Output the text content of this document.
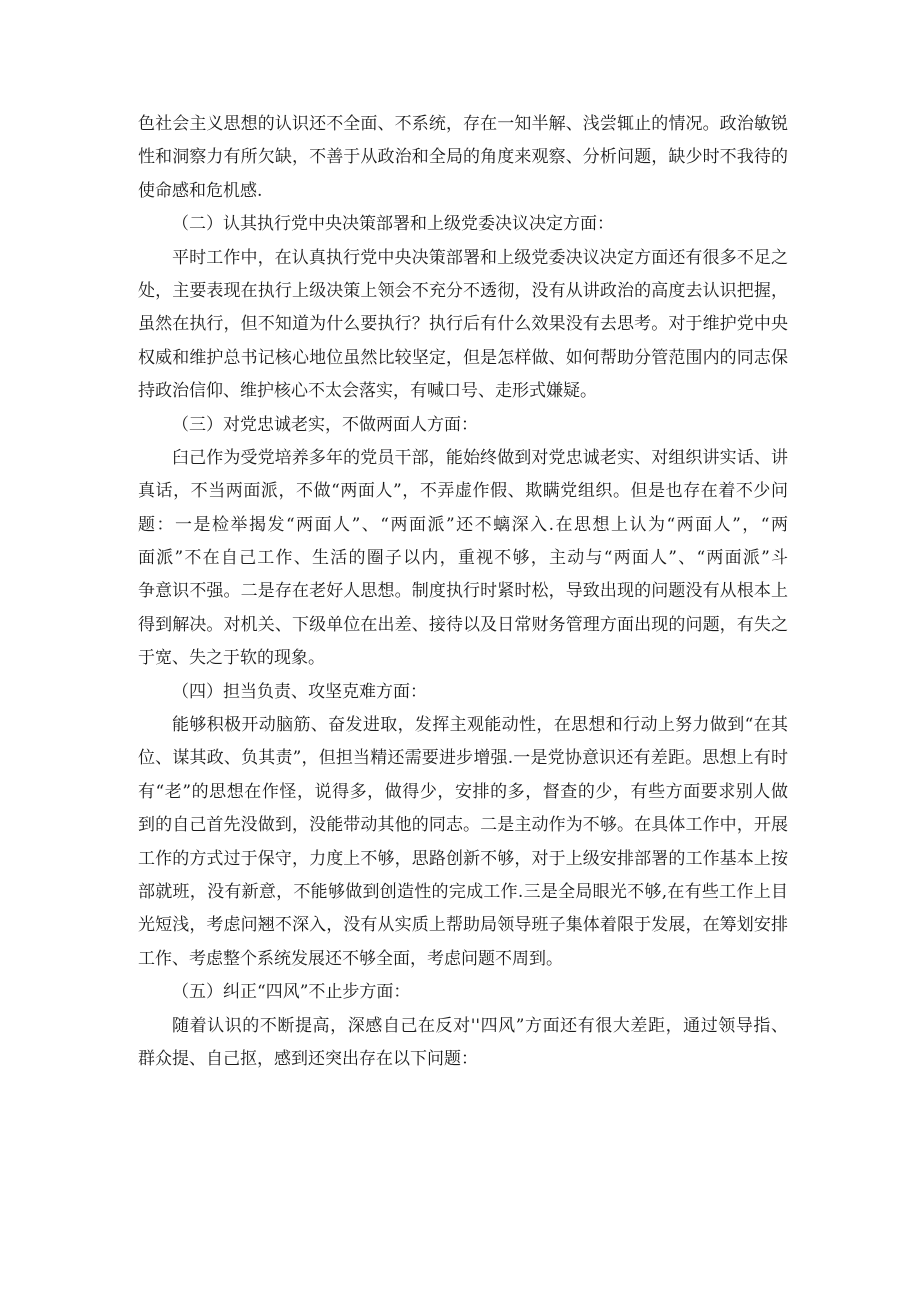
色社会主义思想的认识还不全面、不系统，存在一知半解、浅尝辄止的情况。政治敏锐
性和洞察力有所欠缺，不善于从政治和全局的角度来观察、分析问题，缺少时不我待的
使命感和危机感.
（二）认其执行党中央决策部署和上级党委决议决定方面：
平时工作中，在认真执行党中央决策部署和上级党委决议决定方面还有很多不足之
处，主要表现在执行上级决策上领会不充分不透彻，没有从讲政治的高度去认识把握，
虽然在执行，但不知道为什么要执行？执行后有什么效果没有去思考。对于维护党中央
权威和维护总书记核心地位虽然比较坚定，但是怎样做、如何帮助分管范围内的同志保
持政治信仰、维护核心不太会落实，有喊口号、走形式嫌疑。
（三）对党忠诚老实，不做两面人方面：
臼己作为受党培养多年的党员干部，能始终做到对党忠诚老实、对组织讲实话、讲
真话，不当两面派，不做“两面人”，不弄虚作假、欺瞒党组织。但是也存在着不少问
题：一是检举揭发“两面人”、“两面派”还不螭深入.在思想上认为“两面人”，“两
面派”不在自己工作、生活的圈子以内，重视不够，主动与“两面人”、“两面派”斗
争意识不强。二是存在老好人思想。制度执行时紧时松，导致出现的问题没有从根本上
得到解决。对机关、下级单位在出差、接待以及日常财务管理方面出现的问题，有失之
于宽、失之于软的现象。
（四）担当负责、攻坚克难方面：
能够积极开动脑筋、奋发进取，发挥主观能动性，在思想和行动上努力做到“在其
位、谋其政、负其责”，但担当精还需要进步增强.一是党协意识还有差距。思想上有时
有“老”的思想在作怪，说得多，做得少，安排的多，督查的少，有些方面要求别人做
到的自己首先没做到，没能带动其他的同志。二是主动作为不够。在具体工作中，开展
工作的方式过于保守，力度上不够，思路创新不够，对于上级安排部署的工作基本上按
部就班，没有新意，不能够做到创造性的完成工作.三是全局眼光不够,在有些工作上目
光短浅，考虑问翘不深入，没有从实质上帮助局领导班子集体着限于发展，在筹划安排
工作、考虑整个系统发展还不够全面，考虑问题不周到。
（五）纠正“四风”不止步方面：
随着认识的不断提高，深感自己在反对''四风”方面还有很大差距，通过领导指、
群众提、自己抠，感到还突出存在以下问题：
